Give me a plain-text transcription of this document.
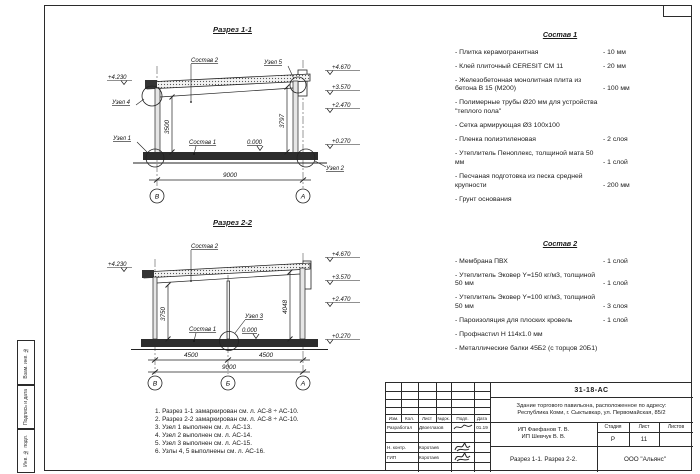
Взам. инв. №
Подпись и дата
Инв. № подл.
Разрез 1-1
9000
В	А
3500	3797
Состав 2	Узел 5
Узел 4
Узел 1
Узел 2
Состав 1	0.000
+4.230
+4.670
+3.570
+2.470
+0.270
Разрез 2-2
4500	4500
9000
В	Б	А
3750	4048
Состав 2
Узел 3
Состав 1	0.000
+4.230
+4.670
+3.570
+2.470
+0.270
Состав 1
- Плитка керамогранитная	- 10 мм
- Клей плиточный CERESIT CM 11	- 20 мм
- Железобетонная монолитная плита из бетона В 15 (М200)	- 100 мм
- Полимерные трубы Ø20 мм для устройства "теплого пола"
- Сетка армирующая Ø3 100х100
- Пленка полиэтиленовая	- 2 слоя
- Утеплитель Пеноплекс, толщиной мата 50 мм	- 1 слой
- Песчаная подготовка из песка средней крупности	- 200 мм
- Грунт основания
Состав 2
- Мембрана ПВХ	- 1 слой
- Утеплитель Эковер Y=150 кг/м3, толщиной 50 мм	- 1 слой
- Утеплитель Эковер Y=100 кг/м3, толщиной 50 мм	- 3 слоя
- Пароизоляция для плоских кровель	- 1 слой
- Профнастил Н 114х1.0 мм
- Металлические балки 45Б2 (с торцов 20Б1)
1. Разрез 1-1 замаркирован см. л. АС-8 ÷ АС-10.
2. Разрез 2-2 замаркирован см. л. АС-8 ÷ АС-10.
3. Узел 1 выполнен см. л. АС-13.
4. Узел 2 выполнен см. л. АС-14.
5. Узел 3 выполнен см. л. АС-15.
6. Узлы 4, 5 выполнены см. л. АС-16.
Изм.	Кол.	Лист	№док.	Подп.	Дата
Разработал	Двоеглазов	01.19
Н. контр.	Коротаев
ГИП	Коротаев
31-18-АС
Здание торгового павильона, расположенное по адресу:
Республика Коми, г. Сыктывкар, ул. Первомайская, 85/2
ИП Фаефанов Т. В.
ИП Шевчук В. В.
Стадия	Лист	Листов
Р	11
Разрез 1-1. Разрез 2-2.	ООО "Альянс"
